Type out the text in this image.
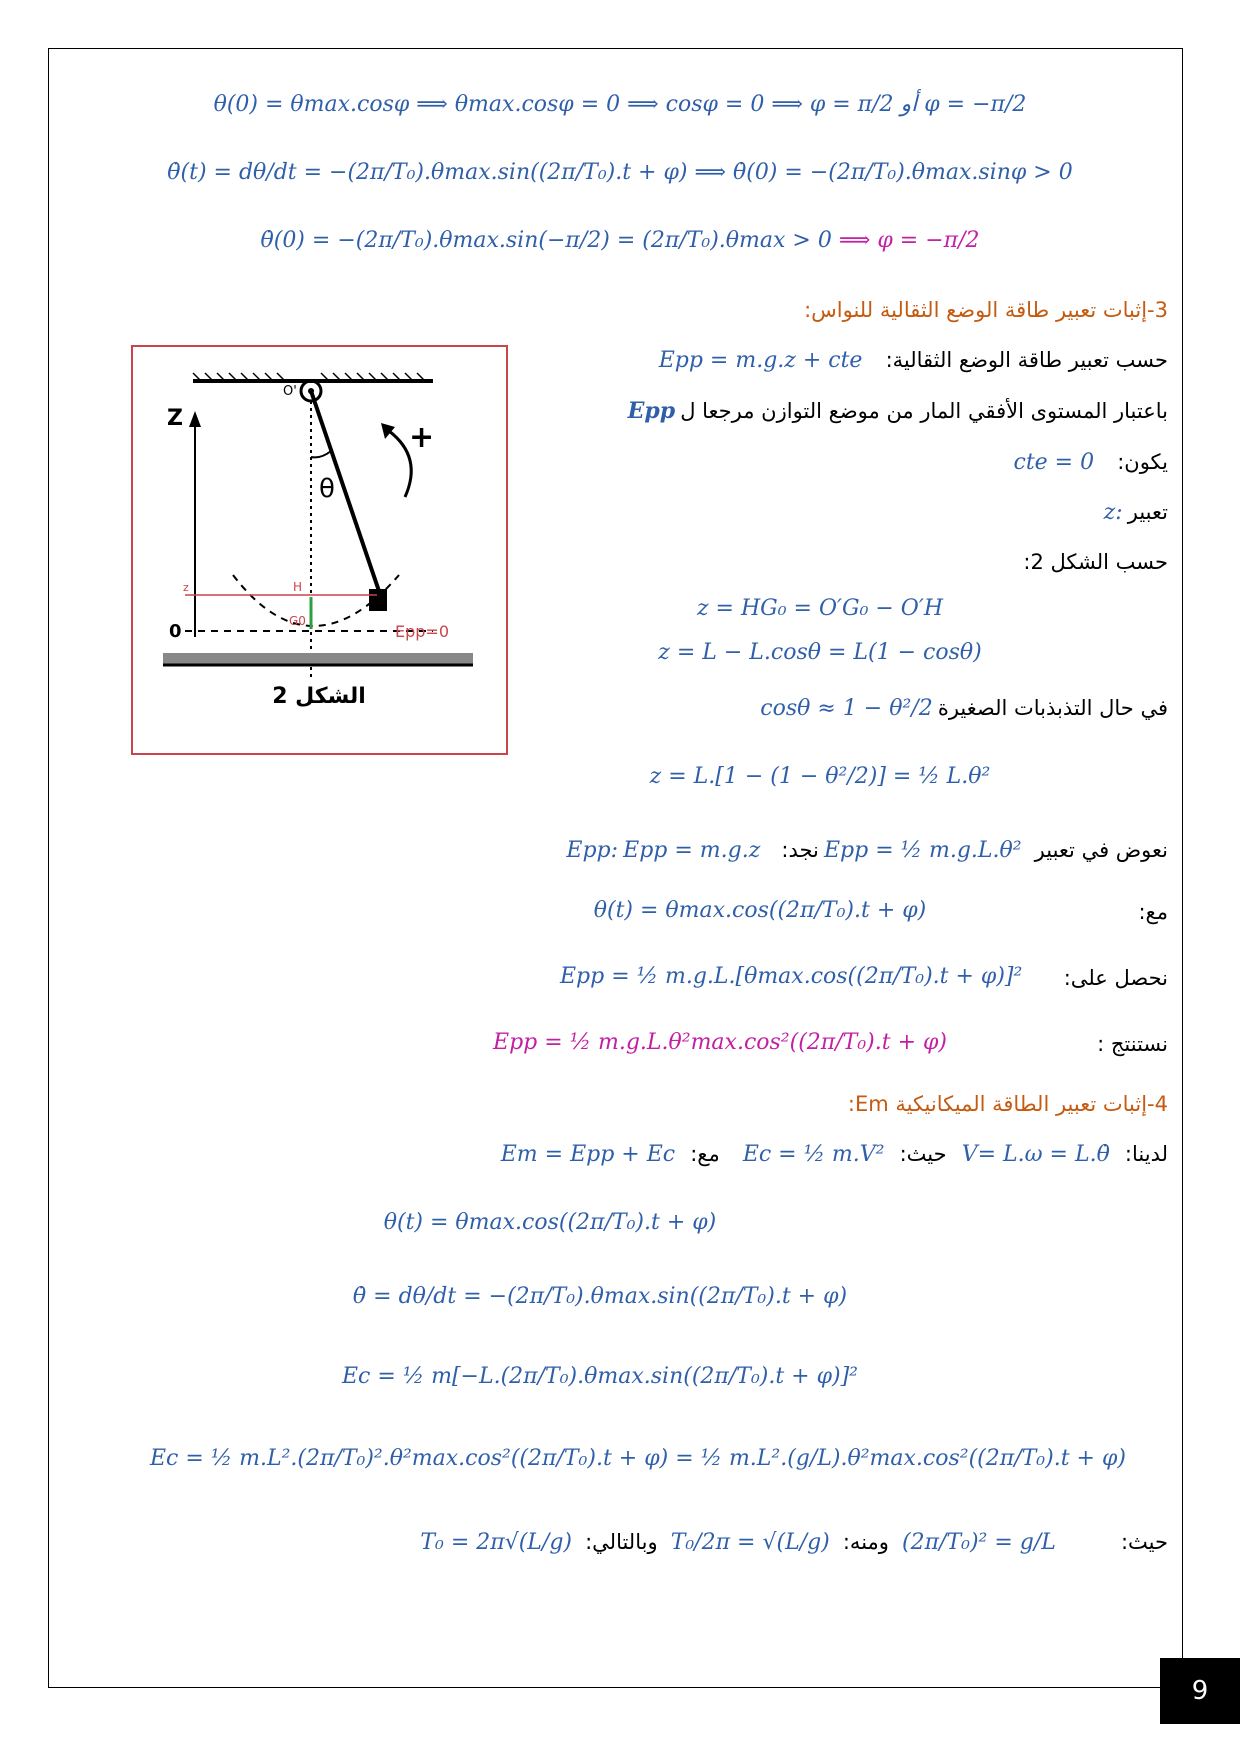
θ(0) = θmax.cosφ ⟹ θmax.cosφ = 0 ⟹ cosφ = 0 ⟹ φ = π/2 أو φ = −π/2
θ̇(t) = dθ/dt = −(2π/T₀).θmax.sin((2π/T₀).t + φ) ⟹ θ̇(0) = −(2π/T₀).θmax.sinφ > 0
θ̇(0) = −(2π/T₀).θmax.sin(−π/2) = (2π/T₀).θmax > 0 ⟹ φ = −π/2
3-إثبات تعبير طاقة الوضع الثقالية للنواس:
حسب تعبير طاقة الوضع الثقالية: Epp = m.g.z + cte
باعتبار المستوى الأفقي المار من موضع التوازن مرجعا ل Epp
يكون: cte = 0
تعبير z:
حسب الشكل 2:
z = HG₀ = O′G₀ − O′H
z = L − L.cosθ = L(1 − cosθ)
في حال التذبذبات الصغيرة cosθ ≈ 1 − θ²/2
z = L.[1 − (1 − θ²/2)] = ½ L.θ²
نعوض في تعبير Epp: Epp = m.g.z نجد: Epp = ½ m.g.L.θ²
مع:
θ(t) = θmax.cos((2π/T₀).t + φ)
نحصل على:
Epp = ½ m.g.L.[θmax.cos((2π/T₀).t + φ)]²
نستنتج :
Epp = ½ m.g.L.θ²max.cos²((2π/T₀).t + φ)
4-إثبات تعبير الطاقة الميكانيكية Em:
لدينا: Em = Epp + Ec مع: Ec = ½ m.V² حيث: V= L.ω = L.θ̇
θ(t) = θmax.cos((2π/T₀).t + φ)
θ̇ = dθ/dt = −(2π/T₀).θmax.sin((2π/T₀).t + φ)
Ec = ½ m[−L.(2π/T₀).θmax.sin((2π/T₀).t + φ)]²
Ec = ½ m.L².(2π/T₀)².θ²max.cos²((2π/T₀).t + φ) = ½ m.L².(g/L).θ²max.cos²((2π/T₀).t + φ)
حيث: T₀ = 2π√(L/g) وبالتالي: T₀/2π = √(L/g) ومنه: (2π/T₀)² = g/L
O'
θ
+
Z
z	H
G0
0	Epp=0
الشكل 2
9
